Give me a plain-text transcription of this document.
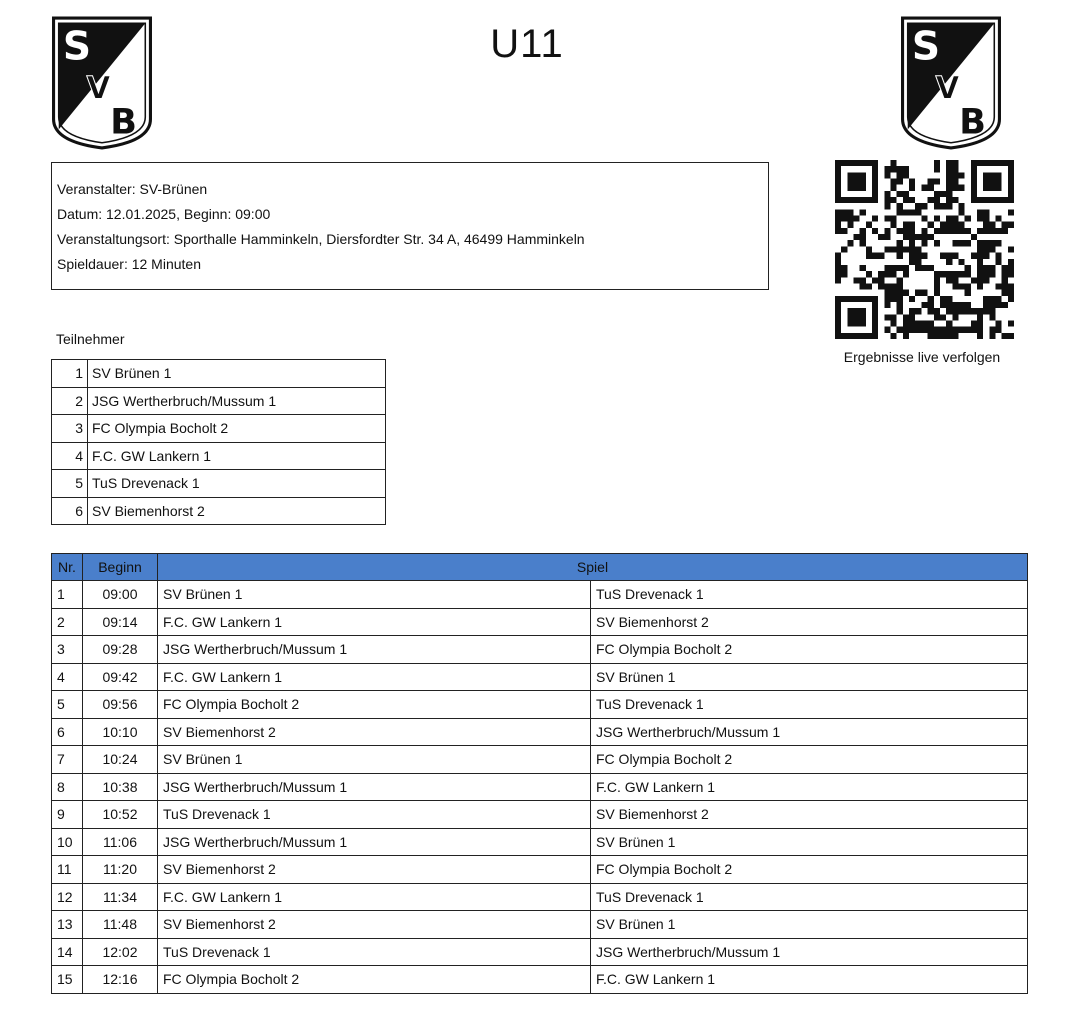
S
V
B
S
V
B
U11
Veranstalter: SV-Brünen
Datum: 12.01.2025, Beginn: 09:00
Veranstaltungsort: Sporthalle Hamminkeln, Diersfordter Str. 34 A, 46499 Hamminkeln
Spieldauer: 12 Minuten
Ergebnisse live verfolgen
Teilnehmer
1	SV Brünen 1
2	JSG Wertherbruch/Mussum 1
3	FC Olympia Bocholt 2
4	F.C. GW Lankern 1
5	TuS Drevenack 1
6	SV Biemenhorst 2
Nr.	Beginn	Spiel	
1	09:00	SV Brünen 1	TuS Drevenack 1
2	09:14	F.C. GW Lankern 1	SV Biemenhorst 2
3	09:28	JSG Wertherbruch/Mussum 1	FC Olympia Bocholt 2
4	09:42	F.C. GW Lankern 1	SV Brünen 1
5	09:56	FC Olympia Bocholt 2	TuS Drevenack 1
6	10:10	SV Biemenhorst 2	JSG Wertherbruch/Mussum 1
7	10:24	SV Brünen 1	FC Olympia Bocholt 2
8	10:38	JSG Wertherbruch/Mussum 1	F.C. GW Lankern 1
9	10:52	TuS Drevenack 1	SV Biemenhorst 2
10	11:06	JSG Wertherbruch/Mussum 1	SV Brünen 1
11	11:20	SV Biemenhorst 2	FC Olympia Bocholt 2
12	11:34	F.C. GW Lankern 1	TuS Drevenack 1
13	11:48	SV Biemenhorst 2	SV Brünen 1
14	12:02	TuS Drevenack 1	JSG Wertherbruch/Mussum 1
15	12:16	FC Olympia Bocholt 2	F.C. GW Lankern 1
